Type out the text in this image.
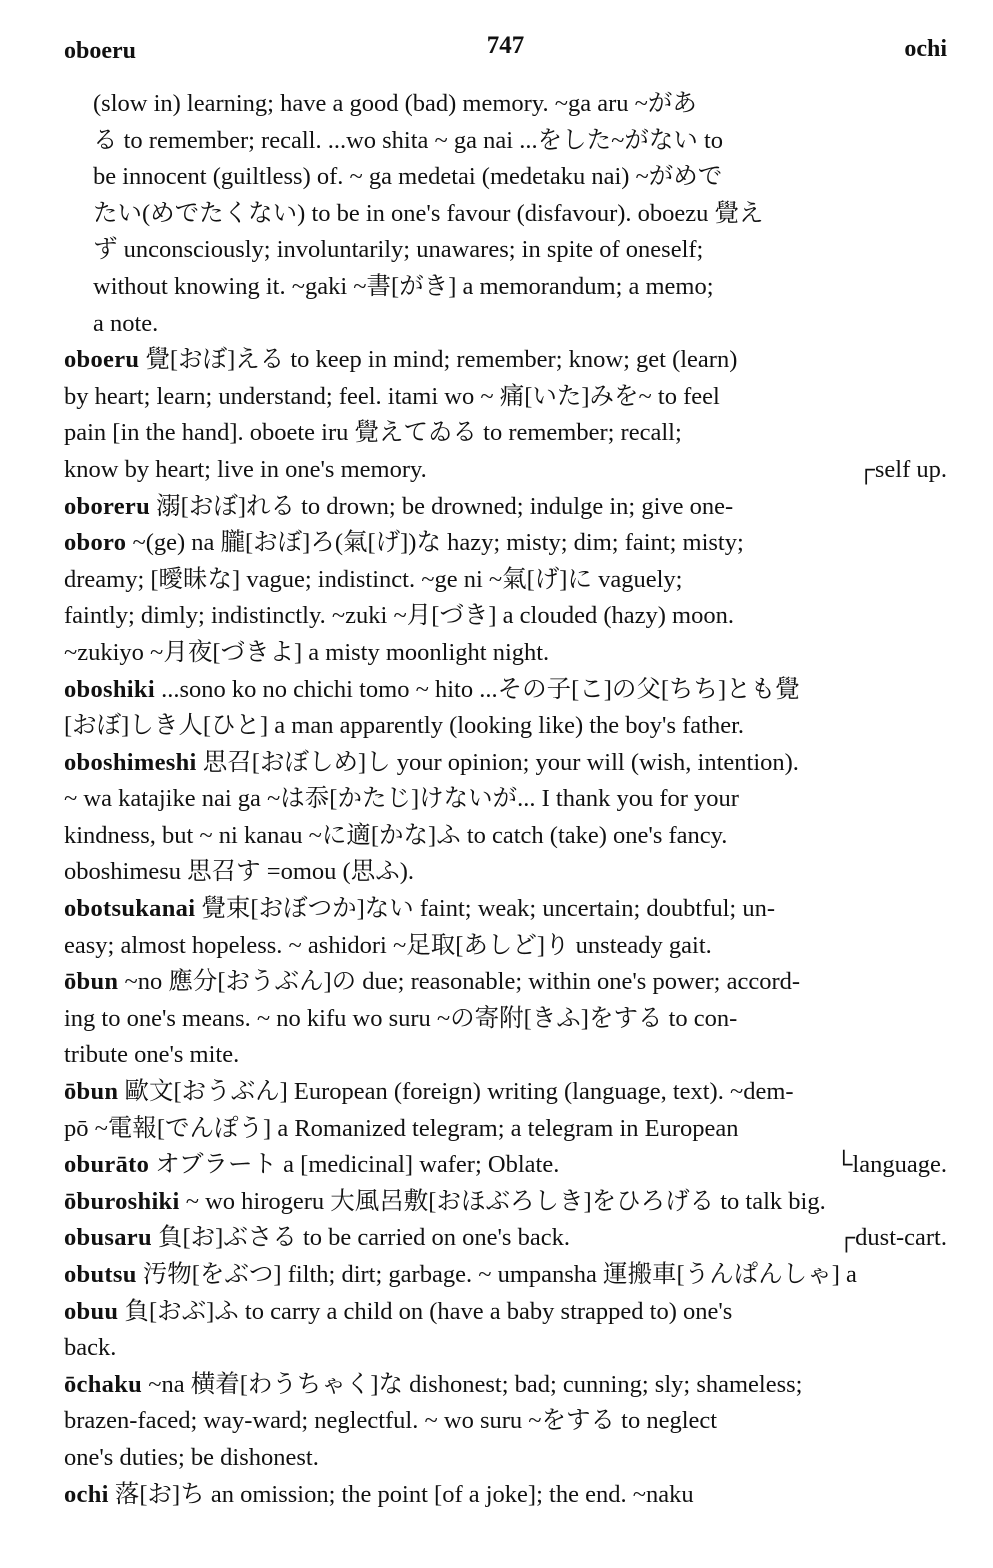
oboeru	747	ochi
(slow in) learning; have a good (bad) memory. ~ga aru ~があ
る to remember; recall. ...wo shita ~ ga nai ...をした~がない to
be innocent (guiltless) of. ~ ga medetai (medetaku nai) ~がめで
たい(めでたくない) to be in one's favour (disfavour). oboezu 覺え
ず unconsciously; involuntarily; unawares; in spite of oneself;
without knowing it. ~gaki ~書[がき] a memorandum; a memo;
a note.
oboeru 覺[おぼ]える to keep in mind; remember; know; get (learn)
by heart; learn; understand; feel. itami wo ~ 痛[いた]みを~ to feel
pain [in the hand]. oboete iru 覺えてゐる to remember; recall;
know by heart; live in one's memory.	┌self up.
oboreru 溺[おぼ]れる to drown; be drowned; indulge in; give one-
oboro ~(ge) na 朧[おぼ]ろ(氣[げ])な hazy; misty; dim; faint; misty;
dreamy; [曖昧な] vague; indistinct. ~ge ni ~氣[げ]に vaguely;
faintly; dimly; indistinctly. ~zuki ~月[づき] a clouded (hazy) moon.
~zukiyo ~月夜[づきよ] a misty moonlight night.
oboshiki ...sono ko no chichi tomo ~ hito ...その子[こ]の父[ちち]とも覺
[おぼ]しき人[ひと] a man apparently (looking like) the boy's father.
oboshimeshi 思召[おぼしめ]し your opinion; your will (wish, intention).
~ wa katajike nai ga ~は忝[かたじ]けないが... I thank you for your
kindness, but ~ ni kanau ~に適[かな]ふ to catch (take) one's fancy.
oboshimesu 思召す =omou (思ふ).
obotsukanai 覺束[おぼつか]ない faint; weak; uncertain; doubtful; un-
easy; almost hopeless. ~ ashidori ~足取[あしど]り unsteady gait.
ōbun ~no 應分[おうぶん]の due; reasonable; within one's power; accord-
ing to one's means. ~ no kifu wo suru ~の寄附[きふ]をする to con-
tribute one's mite.
ōbun 歐文[おうぶん] European (foreign) writing (language, text). ~dem-
pō ~電報[でんぽう] a Romanized telegram; a telegram in European
oburāto オブラート a [medicinal] wafer; Oblate.	└language.
ōburoshiki ~ wo hirogeru 大風呂敷[おほぶろしき]をひろげる to talk big.
obusaru 負[お]ぶさる to be carried on one's back.	┌dust-cart.
obutsu 汚物[をぶつ] filth; dirt; garbage. ~ umpansha 運搬車[うんぱんしゃ] a
obuu 負[おぶ]ふ to carry a child on (have a baby strapped to) one's
back.
ōchaku ~na 横着[わうちゃく]な dishonest; bad; cunning; sly; shameless;
brazen-faced; way-ward; neglectful. ~ wo suru ~をする to neglect
one's duties; be dishonest.
ochi 落[お]ち an omission; the point [of a joke]; the end. ~naku
